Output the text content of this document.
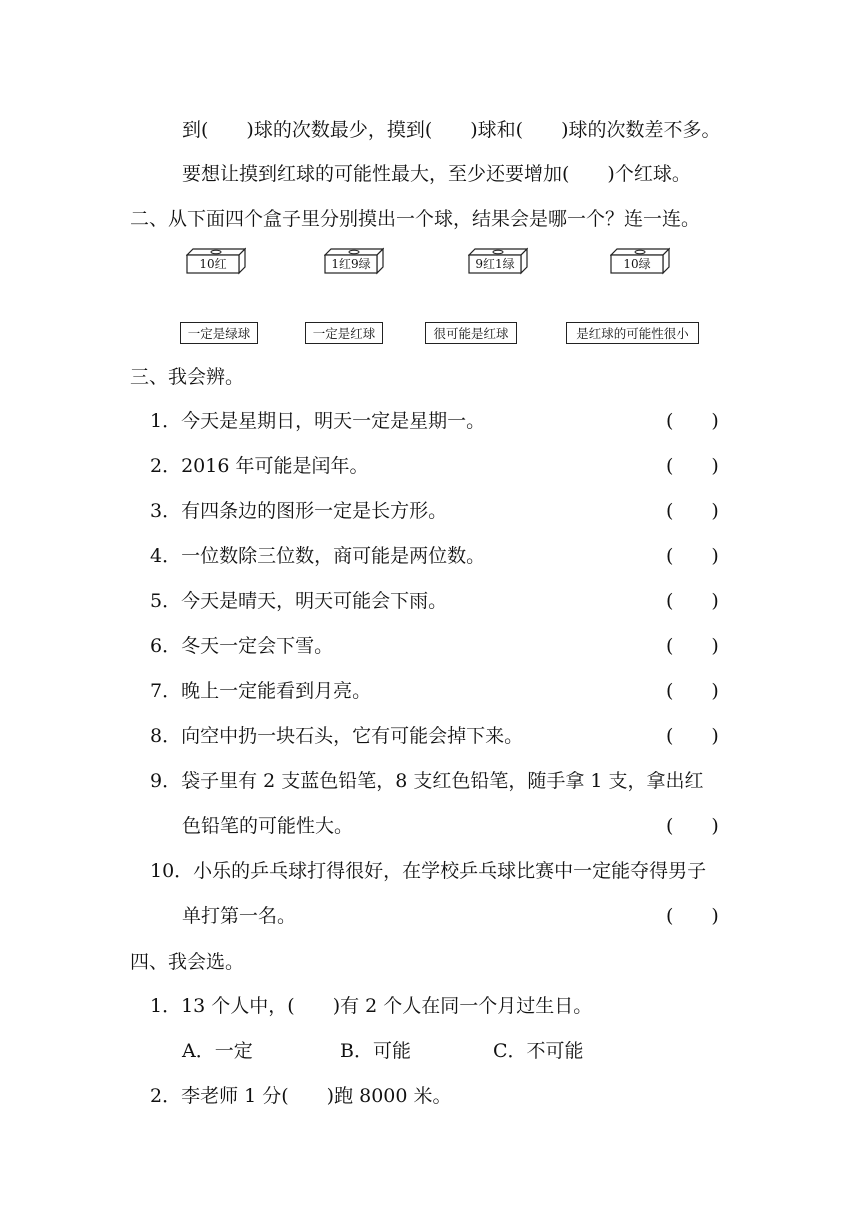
到(　　)球的次数最少，摸到(　　)球和(　　)球的次数差不多。
要想让摸到红球的可能性最大，至少还要增加(　　)个红球。
二、从下面四个盒子里分别摸出一个球，结果会是哪一个？连一连。
10红	1红9绿	9红1绿	10绿
一定是绿球	一定是红球	很可能是红球	是红球的可能性很小
三、我会辨。
1．今天是星期日，明天一定是星期一。	(　　)
2．2016 年可能是闰年。	(　　)
3．有四条边的图形一定是长方形。	(　　)
4．一位数除三位数，商可能是两位数。	(　　)
5．今天是晴天，明天可能会下雨。	(　　)
6．冬天一定会下雪。	(　　)
7．晚上一定能看到月亮。	(　　)
8．向空中扔一块石头，它有可能会掉下来。	(　　)
9．袋子里有 2 支蓝色铅笔，8 支红色铅笔，随手拿 1 支，拿出红
色铅笔的可能性大。	(　　)
10．小乐的乒乓球打得很好，在学校乒乓球比赛中一定能夺得男子
单打第一名。	(　　)
四、我会选。
1．13 个人中，(　　)有 2 个人在同一个月过生日。
A．一定	B．可能	C．不可能
2．李老师 1 分(　　)跑 8000 米。
